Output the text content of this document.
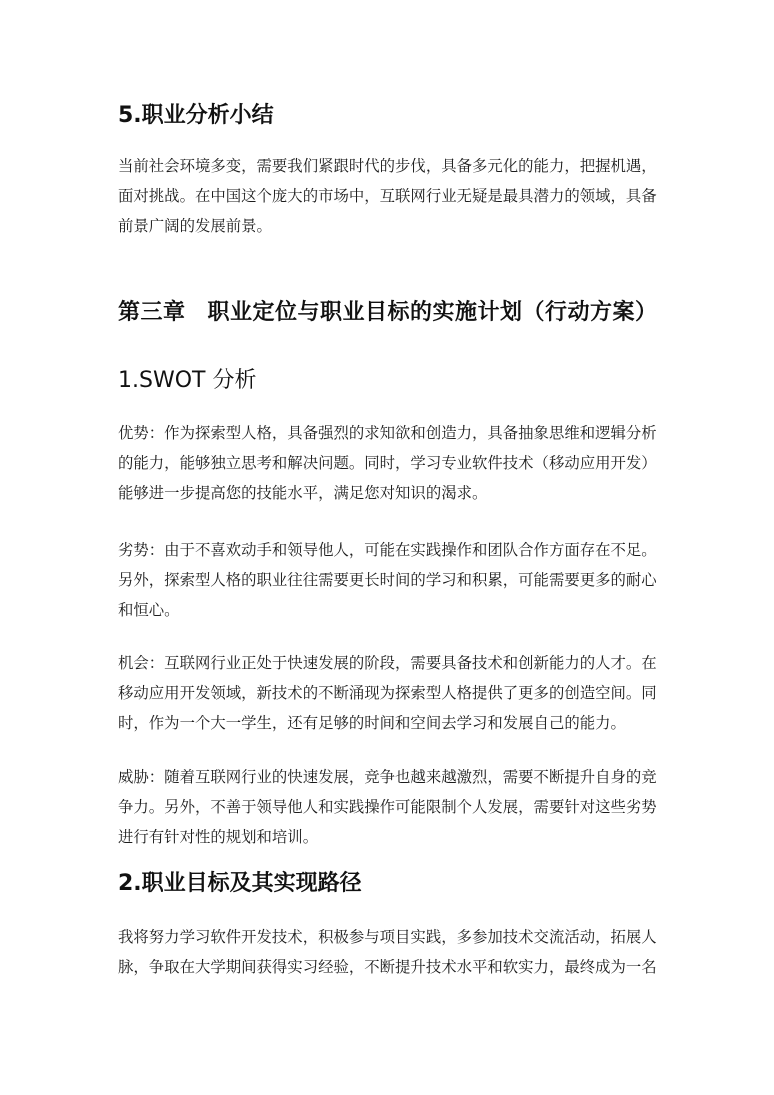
5.职业分析小结
当前社会环境多变，需要我们紧跟时代的步伐，具备多元化的能力，把握机遇，
面对挑战。在中国这个庞大的市场中，互联网行业无疑是最具潜力的领域，具备
前景广阔的发展前景。
第三章 职业定位与职业目标的实施计划（行动方案）
1.SWOT 分析
优势：作为探索型人格，具备强烈的求知欲和创造力，具备抽象思维和逻辑分析
的能力，能够独立思考和解决问题。同时，学习专业软件技术（移动应用开发）
能够进一步提高您的技能水平，满足您对知识的渴求。
劣势：由于不喜欢动手和领导他人，可能在实践操作和团队合作方面存在不足。
另外，探索型人格的职业往往需要更长时间的学习和积累，可能需要更多的耐心
和恒心。
机会：互联网行业正处于快速发展的阶段，需要具备技术和创新能力的人才。在
移动应用开发领域，新技术的不断涌现为探索型人格提供了更多的创造空间。同
时，作为一个大一学生，还有足够的时间和空间去学习和发展自己的能力。
威胁：随着互联网行业的快速发展，竞争也越来越激烈，需要不断提升自身的竞
争力。另外，不善于领导他人和实践操作可能限制个人发展，需要针对这些劣势
进行有针对性的规划和培训。
2.职业目标及其实现路径
我将努力学习软件开发技术，积极参与项目实践，多参加技术交流活动，拓展人
脉，争取在大学期间获得实习经验，不断提升技术水平和软实力，最终成为一名
